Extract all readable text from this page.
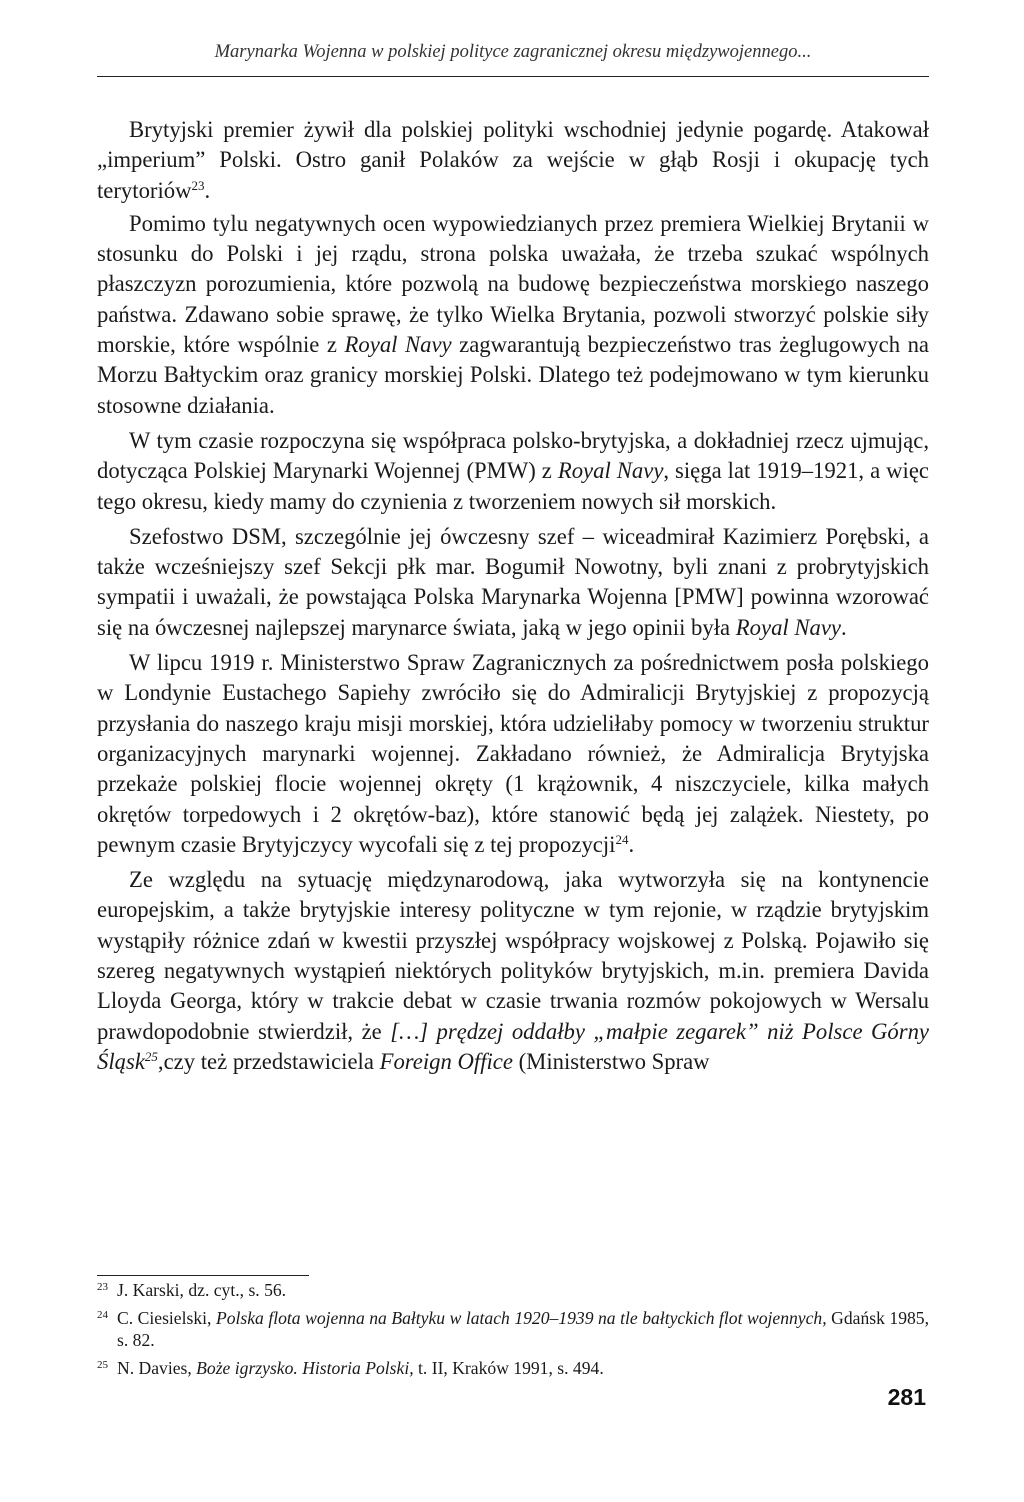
Marynarka Wojenna w polskiej polityce zagranicznej okresu międzywojennego...

Brytyjski premier żywił dla polskiej polityki wschodniej jedynie pogardę. Atakował „imperium” Polski. Ostro ganił Polaków za wejście w głąb Rosji i okupację tych terytoriów$^{23}$.

Pomimo tylu negatywnych ocen wypowiedzianych przez premiera Wielkiej Brytanii w stosunku do Polski i jej rządu, strona polska uważała, że trzeba szukać wspólnych płaszczyzn porozumienia, które pozwolą na budowę bezpieczeństwa morskiego naszego państwa. Zdawano sobie sprawę, że tylko Wielka Brytania, pozwoli stworzyć polskie siły morskie, które wspólnie z Royal Navy zagwarantują bezpieczeństwo tras żeglugowych na Morzu Bałtyckim oraz granicy morskiej Polski. Dlatego też podejmowano w tym kierunku stosowne działania.

W tym czasie rozpoczyna się współpraca polsko-brytyjska, a dokładniej rzecz ujmując, dotycząca Polskiej Marynarki Wojennej (PMW) z Royal Navy, sięga lat 1919–1921, a więc tego okresu, kiedy mamy do czynienia z tworzeniem nowych sił morskich.

Szefostwo DSM, szczególnie jej ówczesny szef – wiceadmirał Kazimierz Porębski, a także wcześniejszy szef Sekcji płk mar. Bogumił Nowotny, byli znani z probrytyjskich sympatii i uważali, że powstająca Polska Marynarka Wojenna [PMW] powinna wzorować się na ówczesnej najlepszej marynarce świata, jaką w jego opinii była Royal Navy.

W lipcu 1919 r. Ministerstwo Spraw Zagranicznych za pośrednictwem posła polskiego w Londynie Eustachego Sapiehy zwróciło się do Admiralicji Brytyjskiej z propozycją przysłania do naszego kraju misji morskiej, która udzieliłaby pomocy w tworzeniu struktur organizacyjnych marynarki wojennej. Zakładano również, że Admiralicja Brytyjska przekaże polskiej flocie wojennej okręty (1 krążownik, 4 niszczyciele, kilka małych okrętów torpedowych i 2 okrętów-baz), które stanowić będą jej zalążek. Niestety, po pewnym czasie Brytyjczycy wycofali się z tej propozycji$^{24}$.

Ze względu na sytuację międzynarodową, jaka wytworzyła się na kontynencie europejskim, a także brytyjskie interesy polityczne w tym rejonie, w rządzie brytyjskim wystąpiły różnice zdań w kwestii przyszłej współpracy wojskowej z Polską. Pojawiło się szereg negatywnych wystąpień niektórych polityków brytyjskich, m.in. premiera Davida Lloyda Georga, który w trakcie debat w czasie trwania rozmów pokojowych w Wersalu prawdopodobnie stwierdził, że […] prędzej oddałby „małpie zegarek” niż Polsce Górny Śląsk$^{25}$,czy też przedstawiciela Foreign Office (Ministerstwo Spraw

$^{23}$ J. Karski, dz. cyt., s. 56.
$^{24}$ C. Ciesielski, Polska flota wojenna na Bałtyku w latach 1920–1939 na tle bałtyckich flot wojennych, Gdańsk 1985, s. 82.
$^{25}$ N. Davies, Boże igrzysko. Historia Polski, t. II, Kraków 1991, s. 494.
281
